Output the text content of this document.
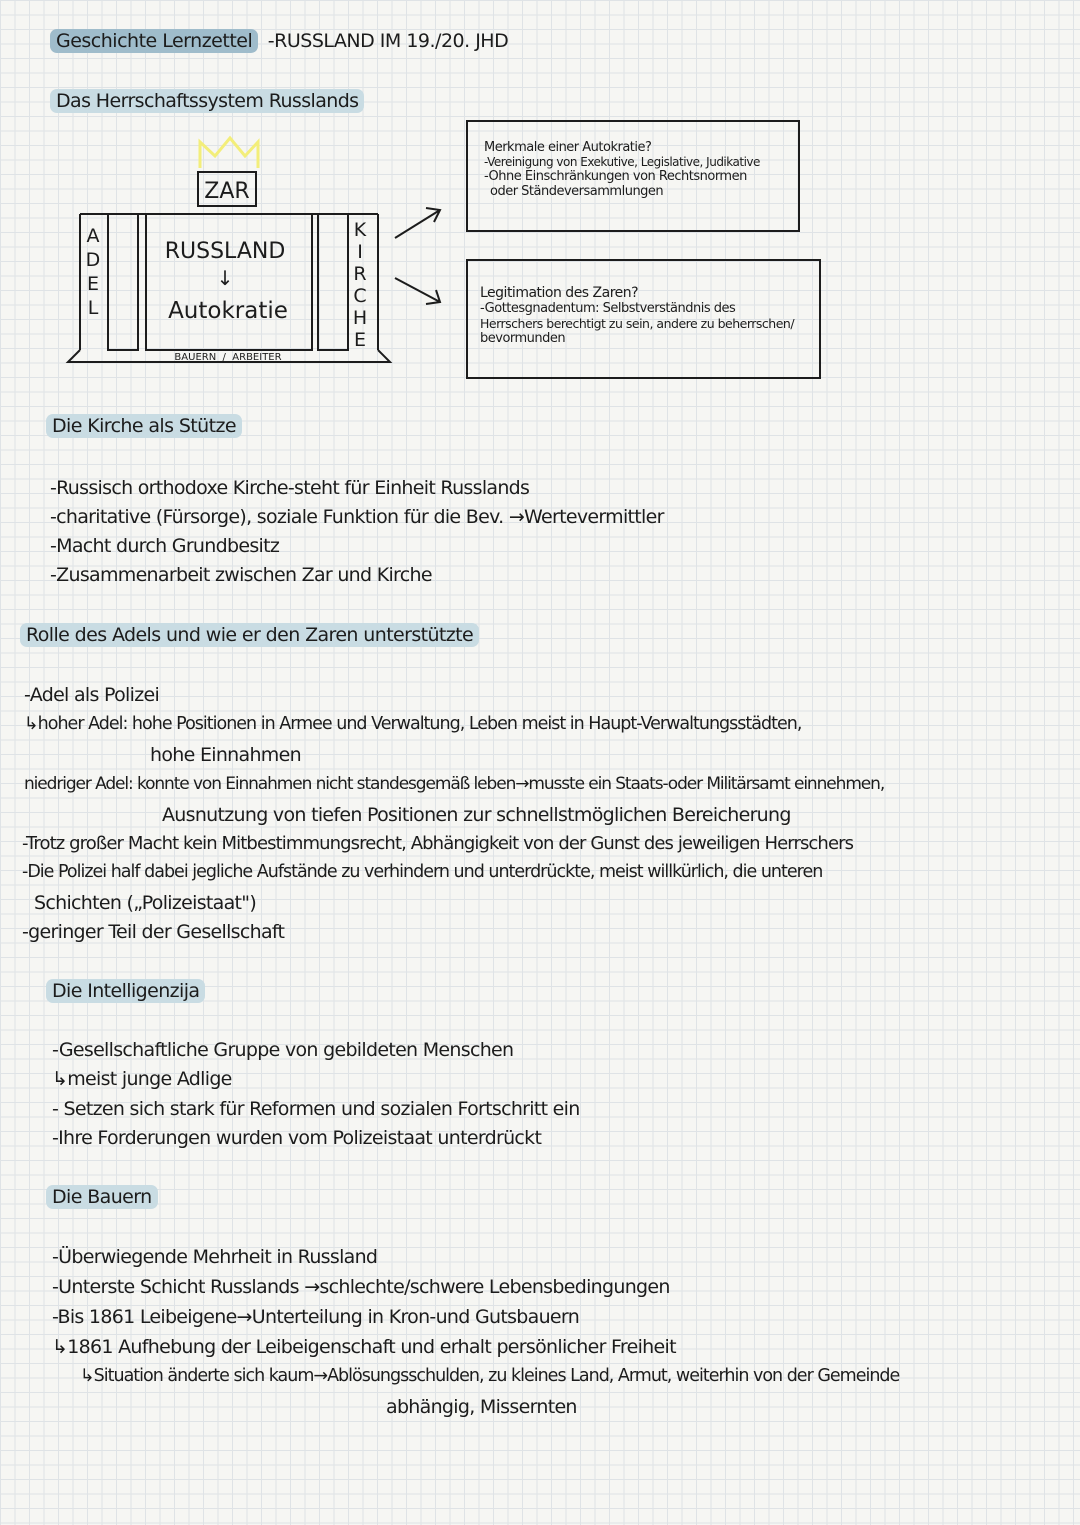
Geschichte Lernzettel -RUSSLAND IM 19./20. JHD
Das Herrschaftssystem Russlands
ZAR
A
D
E
L
K
I
R
C
H
E
RUSSLAND
↓
Autokratie
BAUERN  /  ARBEITER
Merkmale einer Autokratie?
-Vereinigung von Exekutive, Legislative, Judikative
-Ohne Einschränkungen von Rechtsnormen
oder Ständeversammlungen
Legitimation des Zaren?
-Gottesgnadentum: Selbstverständnis des
Herrschers berechtigt zu sein, andere zu beherrschen/
bevormunden
Die Kirche als Stütze
-Russisch orthodoxe Kirche-steht für Einheit Russlands
-charitative (Fürsorge), soziale Funktion für die Bev. →Wertevermittler
-Macht durch Grundbesitz
-Zusammenarbeit zwischen Zar und Kirche
Rolle des Adels und wie er den Zaren unterstützte
-Adel als Polizei
↳hoher Adel: hohe Positionen in Armee und Verwaltung, Leben meist in Haupt-Verwaltungsstädten,
hohe Einnahmen
niedriger Adel: konnte von Einnahmen nicht standesgemäß leben→musste ein Staats-oder Militärsamt einnehmen,
Ausnutzung von tiefen Positionen zur schnellstmöglichen Bereicherung
-Trotz großer Macht kein Mitbestimmungsrecht, Abhängigkeit von der Gunst des jeweiligen Herrschers
-Die Polizei half dabei jegliche Aufstände zu verhindern und unterdrückte, meist willkürlich, die unteren
Schichten („Polizeistaat")
-geringer Teil der Gesellschaft
Die Intelligenzija
-Gesellschaftliche Gruppe von gebildeten Menschen
↳meist junge Adlige
- Setzen sich stark für Reformen und sozialen Fortschritt ein
-Ihre Forderungen wurden vom Polizeistaat unterdrückt
Die Bauern
-Überwiegende Mehrheit in Russland
-Unterste Schicht Russlands →schlechte/schwere Lebensbedingungen
-Bis 1861 Leibeigene→Unterteilung in Kron-und Gutsbauern
↳1861 Aufhebung der Leibeigenschaft und erhalt persönlicher Freiheit
↳Situation änderte sich kaum→Ablösungsschulden, zu kleines Land, Armut, weiterhin von der Gemeinde
abhängig, Missernten
